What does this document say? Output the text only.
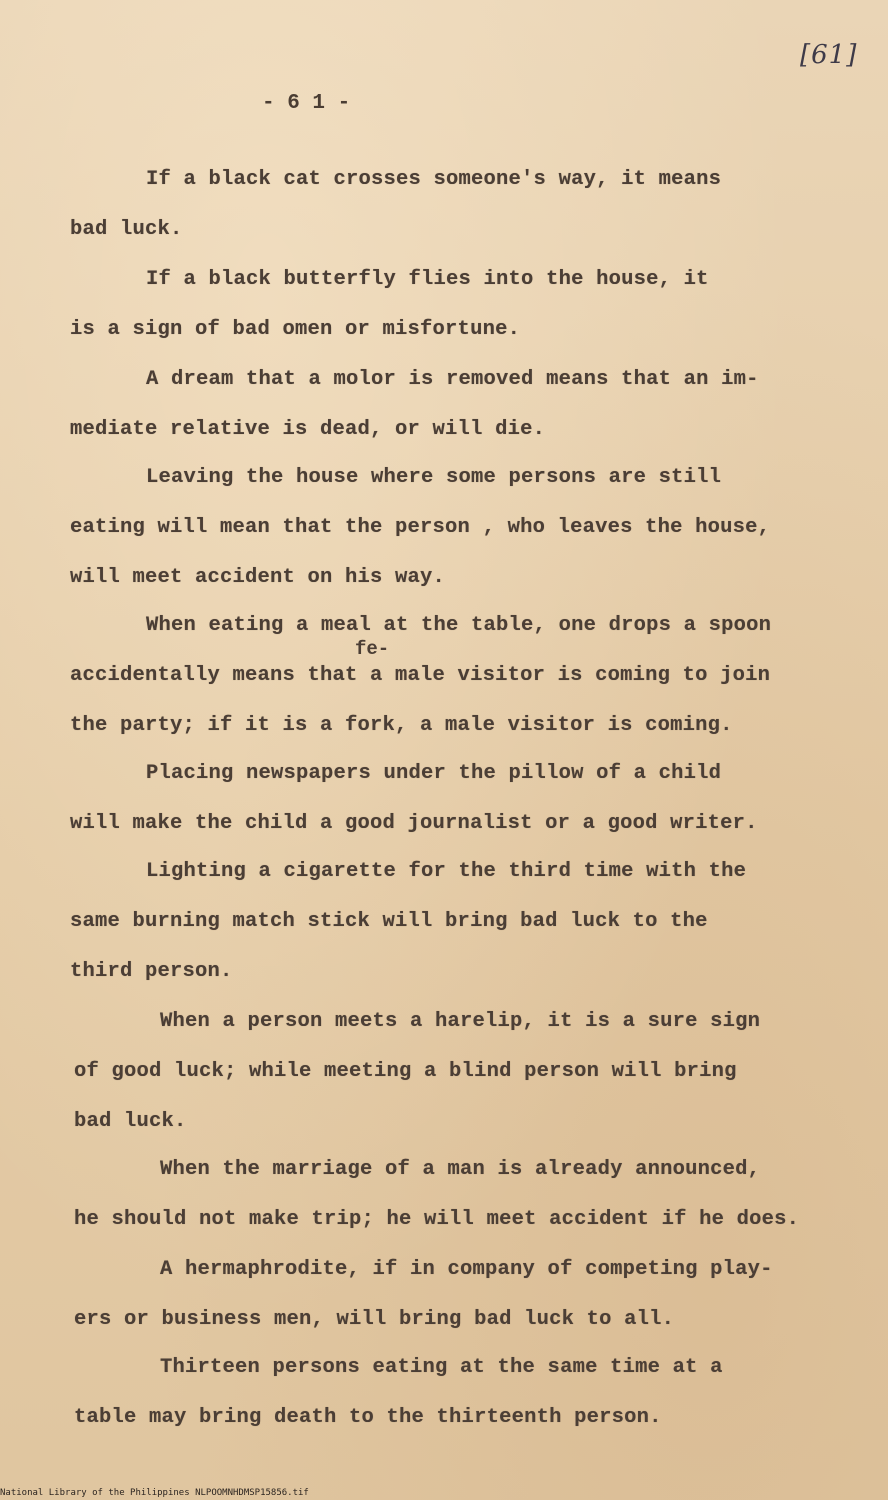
[61]
- 6 1 -
If a black cat crosses someone's way, it means
bad luck.
If a black butterfly flies into the house, it
is a sign of bad omen or misfortune.
A dream that a molor is removed means that an im-
mediate relative is dead, or will die.
Leaving the house where some persons are still
eating will mean that the person , who leaves the house,
will meet accident on his way.
When eating a meal at the table, one drops a spoon
fe-
accidentally means that a male visitor is coming to join
the party; if it is a fork, a male visitor is coming.
Placing newspapers under the pillow of a child
will make the child a good journalist or a good writer.
Lighting a cigarette for the third time with the
same burning match stick will bring bad luck to the
third person.
When a person meets a harelip, it is a sure sign
of good luck; while meeting a blind person will bring
bad luck.
When the marriage of a man is already announced,
he should not make trip; he will meet accident if he does.
A hermaphrodite, if in company of competing play-
ers or business men, will bring bad luck to all.
Thirteen persons eating at the same time at a
table may bring death to the thirteenth person.
National Library of the Philippines NLPOOMNHDMSP15856.tif
